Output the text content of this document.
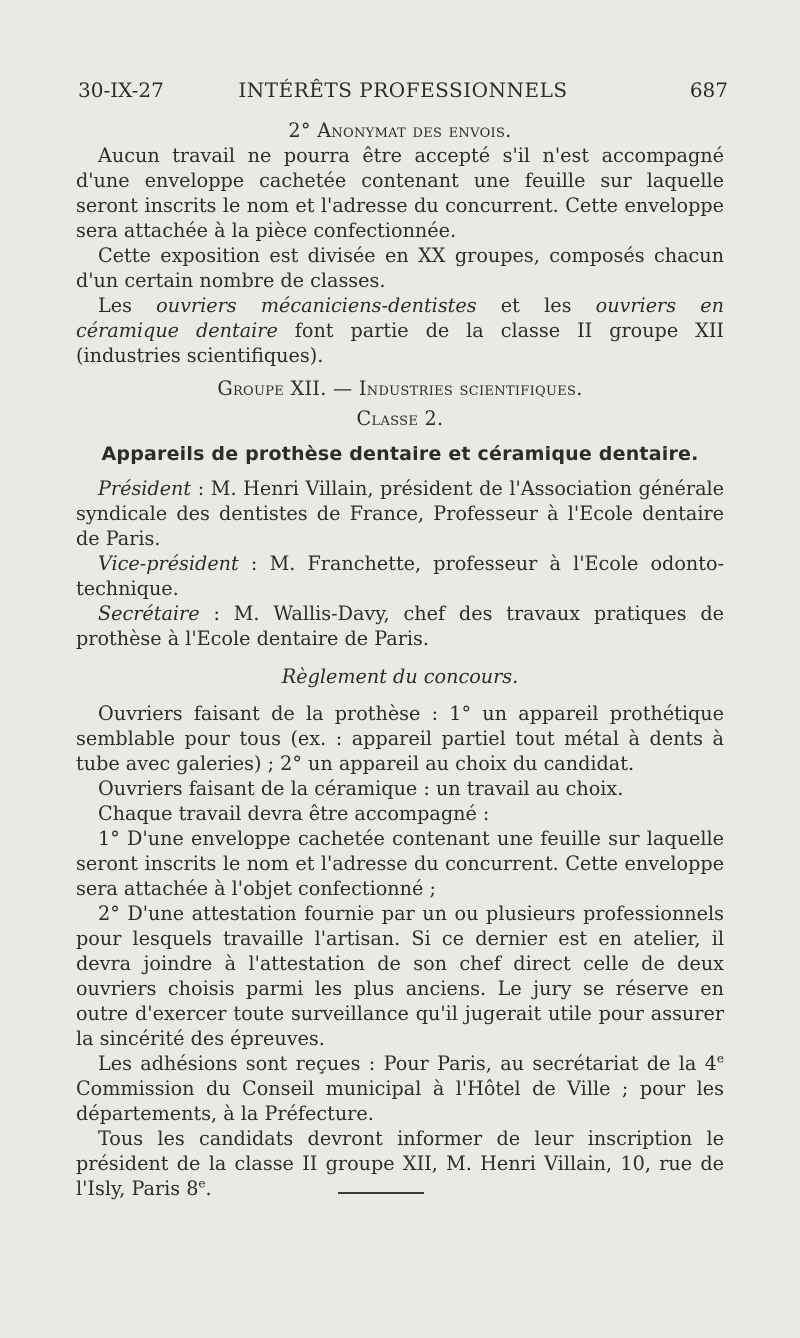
30-IX-27	INTÉRÊTS PROFESSIONNELS	687
2° Anonymat des envois.

Aucun travail ne pourra être accepté s'il n'est accompagné d'une enveloppe cachetée contenant une feuille sur laquelle seront inscrits le nom et l'adresse du concurrent. Cette enveloppe sera attachée à la pièce confectionnée.

Cette exposition est divisée en XX groupes, composés chacun d'un certain nombre de classes.

Les ouvriers mécaniciens-dentistes et les ouvriers en céramique dentaire font partie de la classe II groupe XII (industries scientifiques).

Groupe XII. — Industries scientifiques.
Classe 2.
Appareils de prothèse dentaire et céramique dentaire.

Président : M. Henri Villain, président de l'Association générale syndicale des dentistes de France, Professeur à l'Ecole dentaire de Paris.

Vice-président : M. Franchette, professeur à l'Ecole odonto-technique.

Secrétaire : M. Wallis-Davy, chef des travaux pratiques de prothèse à l'Ecole dentaire de Paris.

Règlement du concours.

Ouvriers faisant de la prothèse : 1° un appareil prothétique semblable pour tous (ex. : appareil partiel tout métal à dents à tube avec galeries) ; 2° un appareil au choix du candidat.

Ouvriers faisant de la céramique : un travail au choix.

Chaque travail devra être accompagné :

1° D'une enveloppe cachetée contenant une feuille sur laquelle seront inscrits le nom et l'adresse du concurrent. Cette enveloppe sera attachée à l'objet confectionné ;

2° D'une attestation fournie par un ou plusieurs professionnels pour lesquels travaille l'artisan. Si ce dernier est en atelier, il devra joindre à l'attestation de son chef direct celle de deux ouvriers choisis parmi les plus anciens. Le jury se réserve en outre d'exercer toute surveillance qu'il jugerait utile pour assurer la sincérité des épreuves.

Les adhésions sont reçues : Pour Paris, au secrétariat de la 4e Commission du Conseil municipal à l'Hôtel de Ville ; pour les départements, à la Préfecture.

Tous les candidats devront informer de leur inscription le président de la classe II groupe XII, M. Henri Villain, 10, rue de l'Isly, Paris 8e.
